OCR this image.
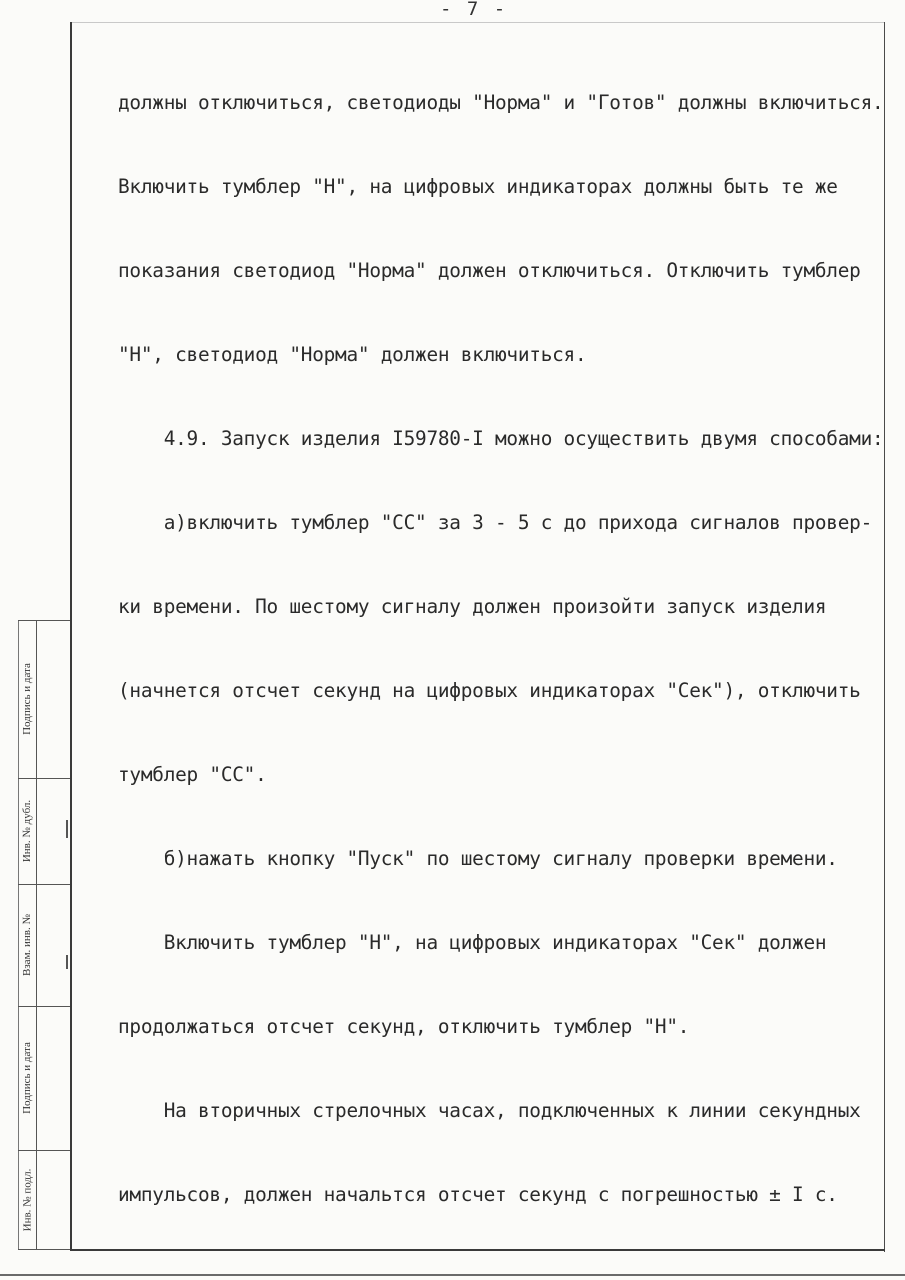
- 7 -

должны отключиться, светодиоды "Норма" и "Готов" должны включиться.

Включить тумблер "Н", на цифровых индикаторах должны быть те же

показания светодиод "Норма" должен отключиться. Отключить тумблер

"Н", светодиод "Норма" должен включиться.

4.9. Запуск изделия I59780-I можно осуществить двумя способами:

а)включить тумблер "СС" за 3 - 5 с до прихода сигналов провер-

ки времени. По шестому сигналу должен произойти запуск изделия

(начнется отсчет секунд на цифровых индикаторах "Сек"), отключить

тумблер "СС".

б)нажать кнопку "Пуск" по шестому сигналу проверки времени.

Включить тумблер "Н", на цифровых индикаторах "Сек" должен

продолжаться отсчет секунд, отключить тумблер "Н".

На вторичных стрелочных часах, подключенных к линии секундных

импульсов, должен начальтся отсчет секунд с погрешностью ± I с.

Подпись и дата
Инв. № дубл.
Взам. инв. №
Подпись и дата
Инв. № подл.
